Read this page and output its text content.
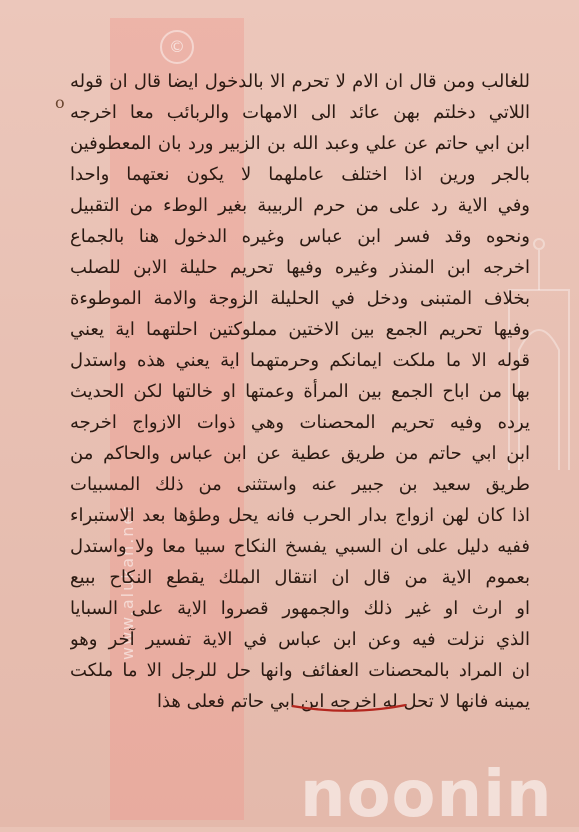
©
www.alukah.net
o
للغالب ومن قال ان الام لا تحرم الا بالدخول ايضا قال ان قوله
اللاتي دخلتم بهن عائد الى الامهات والربائب معا اخرجه
ابن ابي حاتم عن علي وعبد الله بن الزبير ورد بان المعطوفين
بالجر ورين اذا اختلف عاملهما لا يكون نعتهما واحدا
وفي الاية رد على من حرم الربيبة بغير الوطء من التقبيل
ونحوه وقد فسر ابن عباس وغيره الدخول هنا بالجماع
اخرجه ابن المنذر وغيره وفيها تحريم حليلة الابن للصلب
بخلاف المتبنى ودخل في الحليلة الزوجة والامة الموطوءة
وفيها تحريم الجمع بين الاختين مملوكتين احلتهما اية يعني
قوله الا ما ملكت ايمانكم وحرمتهما اية يعني هذه واستدل
بها من اباح الجمع بين المرأة وعمتها او خالتها لكن الحديث
يرده وفيه تحريم المحصنات وهي ذوات الازواج اخرجه
ابن ابي حاتم من طريق عطية عن ابن عباس والحاكم من
طريق سعيد بن جبير عنه واستثنى من ذلك المسبيات
اذا كان لهن ازواج بدار الحرب فانه يحل وطؤها بعد الاستبراء
ففيه دليل على ان السبي يفسخ النكاح سبيا معا ولا واستدل
بعموم الاية من قال ان انتقال الملك يقطع النكاح ببيع
او ارث او غير ذلك والجمهور قصروا الاية على السبايا
الذي نزلت فيه وعن ابن عباس في الاية تفسير آخر وهو
ان المراد بالمحصنات العفائف وانها حل للرجل الا ما ملكت
يمينه فانها لا تحل له اخرجه ابن ابي حاتم فعلى هذا
noonin
